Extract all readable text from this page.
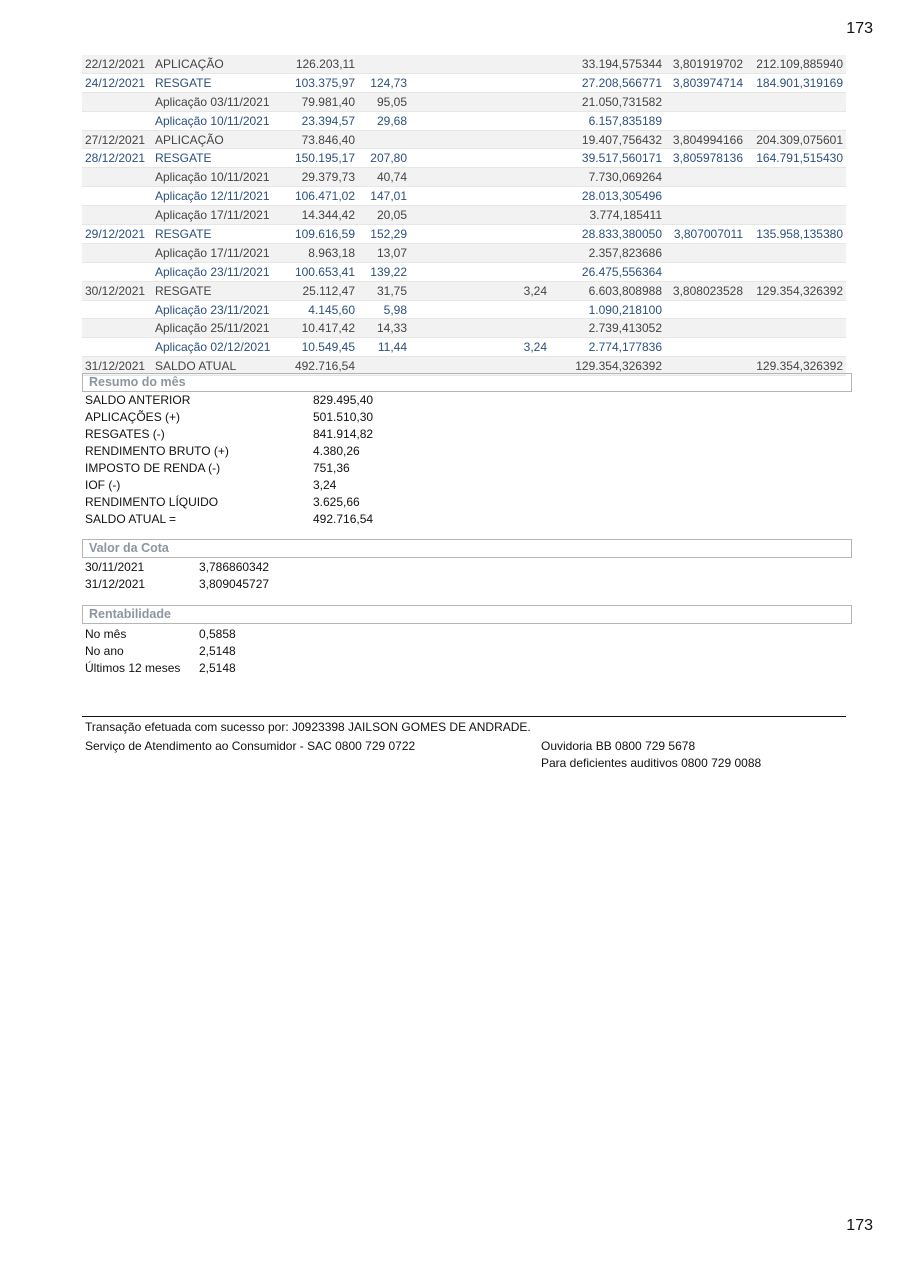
173
22/12/2021	APLICAÇÃO	126.203,11			33.194,575344	3,801919702	212.109,885940
24/12/2021	RESGATE	103.375,97	124,73		27.208,566771	3,803974714	184.901,319169
	Aplicação 03/11/2021	79.981,40	95,05		21.050,731582		
	Aplicação 10/11/2021	23.394,57	29,68		6.157,835189		
27/12/2021	APLICAÇÃO	73.846,40			19.407,756432	3,804994166	204.309,075601
28/12/2021	RESGATE	150.195,17	207,80		39.517,560171	3,805978136	164.791,515430
	Aplicação 10/11/2021	29.379,73	40,74		7.730,069264		
	Aplicação 12/11/2021	106.471,02	147,01		28.013,305496		
	Aplicação 17/11/2021	14.344,42	20,05		3.774,185411		
29/12/2021	RESGATE	109.616,59	152,29		28.833,380050	3,807007011	135.958,135380
	Aplicação 17/11/2021	8.963,18	13,07		2.357,823686		
	Aplicação 23/11/2021	100.653,41	139,22		26.475,556364		
30/12/2021	RESGATE	25.112,47	31,75	3,24	6.603,808988	3,808023528	129.354,326392
	Aplicação 23/11/2021	4.145,60	5,98		1.090,218100		
	Aplicação 25/11/2021	10.417,42	14,33		2.739,413052		
	Aplicação 02/12/2021	10.549,45	11,44	3,24	2.774,177836		
31/12/2021	SALDO ATUAL	492.716,54			129.354,326392		129.354,326392
Resumo do mês
SALDO ANTERIOR	829.495,40
APLICAÇÕES (+)	501.510,30
RESGATES (-)	841.914,82
RENDIMENTO BRUTO (+)	4.380,26
IMPOSTO DE RENDA (-)	751,36
IOF (-)	3,24
RENDIMENTO LÍQUIDO	3.625,66
SALDO ATUAL =	492.716,54
Valor da Cota
30/11/2021	3,786860342
31/12/2021	3,809045727
Rentabilidade
No mês	0,5858
No ano	2,5148
Últimos 12 meses	2,5148
Transação efetuada com sucesso por: J0923398 JAILSON GOMES DE ANDRADE.
Serviço de Atendimento ao Consumidor - SAC 0800 729 0722	Ouvidoria BB 0800 729 5678
Para deficientes auditivos 0800 729 0088
173
